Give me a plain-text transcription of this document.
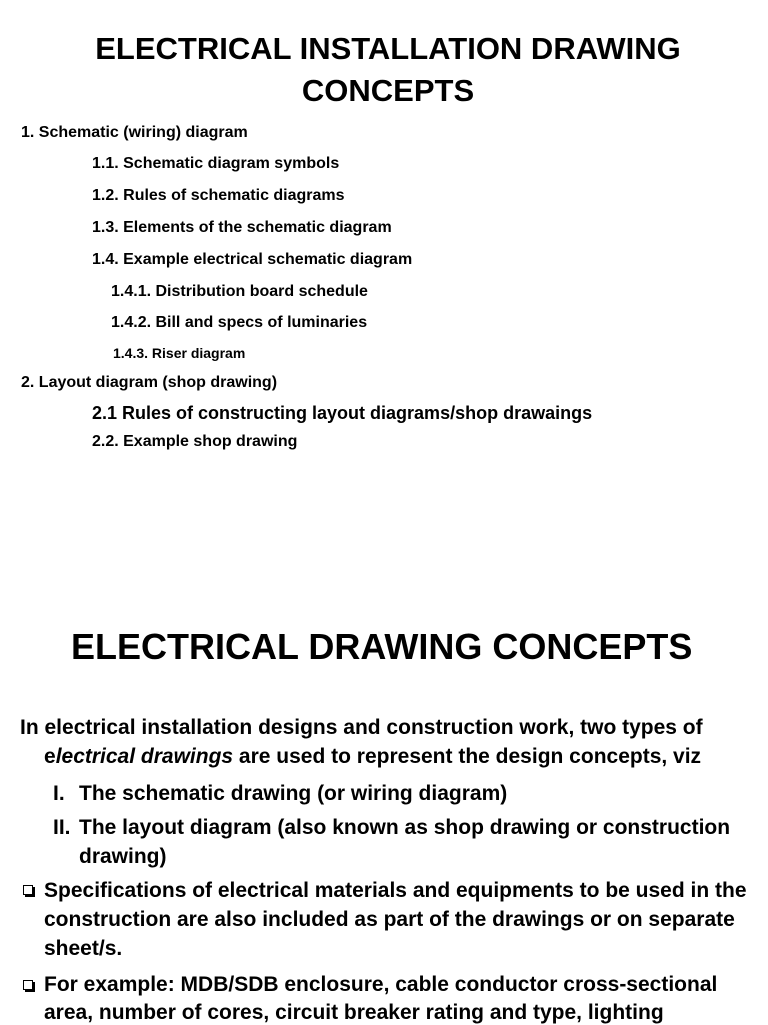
ELECTRICAL INSTALLATION DRAWING
CONCEPTS
1. Schematic (wiring) diagram
1.1. Schematic diagram symbols
1.2. Rules of schematic diagrams
1.3. Elements of the schematic diagram
1.4. Example electrical schematic diagram
1.4.1. Distribution board schedule
1.4.2. Bill and specs of luminaries
1.4.3. Riser diagram
2. Layout diagram (shop drawing)
2.1 Rules of constructing layout diagrams/shop drawaings
2.2. Example shop drawing
ELECTRICAL DRAWING CONCEPTS
In electrical installation designs and construction work, two types of
electrical drawings are used to represent the design concepts, viz
I. The schematic drawing (or wiring diagram)
II. The layout diagram (also known as shop drawing or construction
drawing)
Specifications of electrical materials and equipments to be used in the
construction are also included as part of the drawings or on separate
sheet/s.
For example: MDB/SDB enclosure, cable conductor cross-sectional
area, number of cores, circuit breaker rating and type, lighting
